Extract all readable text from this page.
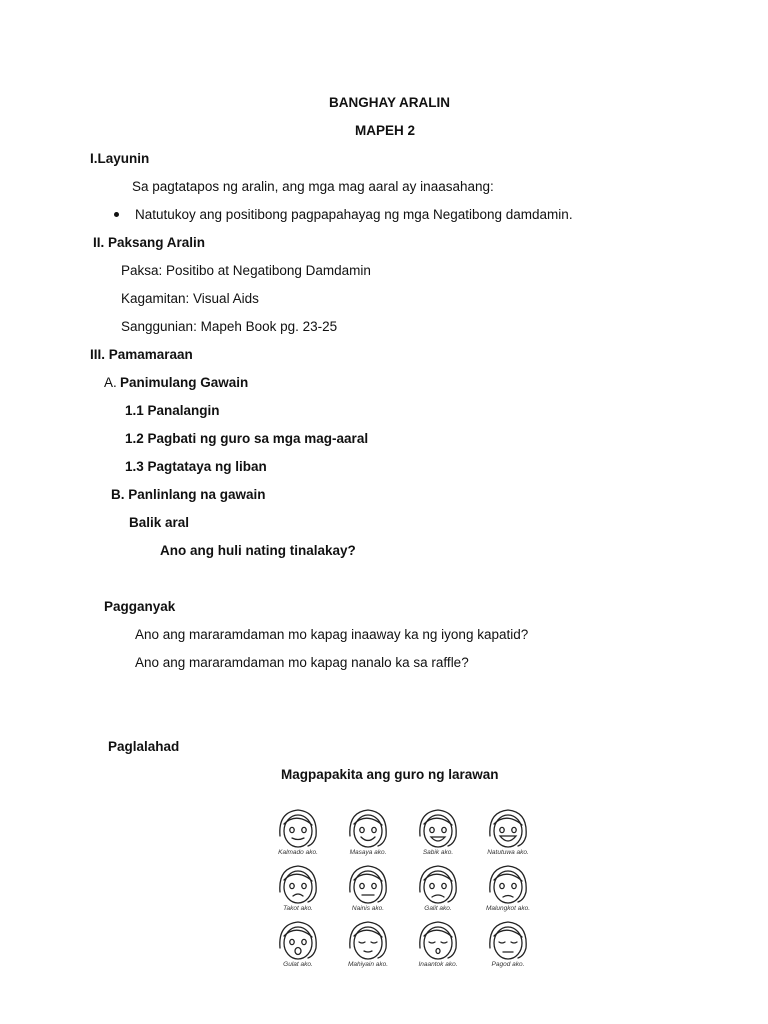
BANGHAY ARALIN
MAPEH 2
I.Layunin
Sa pagtatapos ng aralin, ang mga mag aaral ay inaasahang:
Natutukoy ang positibong pagpapahayag ng mga Negatibong damdamin.
II. Paksang Aralin
Paksa: Positibo at Negatibong Damdamin
Kagamitan: Visual Aids
Sanggunian: Mapeh Book pg. 23-25
III. Pamamaraan
A. Panimulang Gawain
1.1 Panalangin
1.2 Pagbati ng guro sa mga mag-aaral
1.3 Pagtataya ng liban
B. Panlinlang na gawain
Balik aral
Ano ang huli nating tinalakay?
Pagganyak
Ano ang mararamdaman mo kapag inaaway ka ng iyong kapatid?
Ano ang mararamdaman mo kapag nanalo ka sa raffle?
Paglalahad
Magpapakita ang guro ng larawan
Kalmado ako.	Masaya ako.	Sabik ako.	Natutuwa ako.
Takot ako.	Nainis ako.	Galit ako.	Malungkot ako.
Gulat ako.	Mahiyain ako.	Inaantok ako.	Pagod ako.
